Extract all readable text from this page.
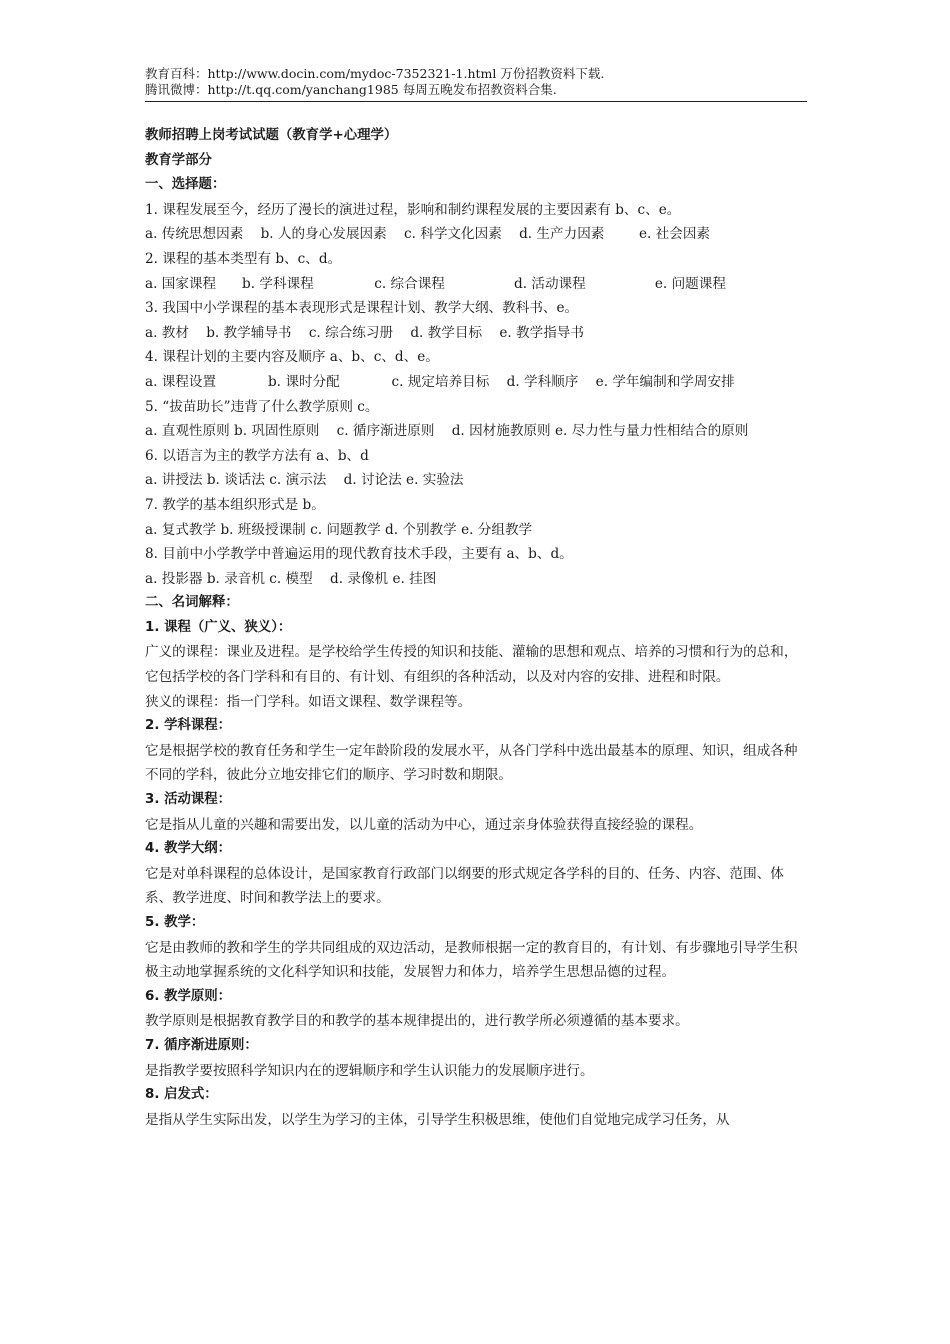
教育百科：http://www.docin.com/mydoc-7352321-1.html 万份招教资料下载.
腾讯微博：http://t.qq.com/yanchang1985 每周五晚发布招教资料合集.

教师招聘上岗考试试题（教育学+心理学）

教育学部分

一、选择题：

1. 课程发展至今，经历了漫长的演进过程，影响和制约课程发展的主要因素有 b、c、e。

a. 传统思想因素    b. 人的身心发展因素    c. 科学文化因素    d. 生产力因素        e. 社会因素

2. 课程的基本类型有 b、c、d。

a. 国家课程      b. 学科课程              c. 综合课程                d. 活动课程                e. 问题课程

3. 我国中小学课程的基本表现形式是课程计划、教学大纲、教科书、e。

a. 教材    b. 教学辅导书    c. 综合练习册    d. 教学目标    e. 教学指导书

4. 课程计划的主要内容及顺序 a、b、c、d、e。

a. 课程设置            b. 课时分配            c. 规定培养目标    d. 学科顺序    e. 学年编制和学周安排

5. “拔苗助长”违背了什么教学原则 c。

a. 直观性原则 b. 巩固性原则    c. 循序渐进原则    d. 因材施教原则 e. 尽力性与量力性相结合的原则

6. 以语言为主的教学方法有 a、b、d

a. 讲授法 b. 谈话法 c. 演示法    d. 讨论法 e. 实验法

7. 教学的基本组织形式是 b。

a. 复式教学 b. 班级授课制 c. 问题教学 d. 个别教学 e. 分组教学

8. 目前中小学教学中普遍运用的现代教育技术手段，主要有 a、b、d。

a. 投影器 b. 录音机 c. 模型    d. 录像机 e. 挂图

二、名词解释：

1. 课程（广义、狭义）：

广义的课程：课业及进程。是学校给学生传授的知识和技能、灌输的思想和观点、培养的习惯和行为的总和，它包括学校的各门学科和有目的、有计划、有组织的各种活动，以及对内容的安排、进程和时限。

狭义的课程：指一门学科。如语文课程、数学课程等。

2. 学科课程：

它是根据学校的教育任务和学生一定年龄阶段的发展水平，从各门学科中选出最基本的原理、知识，组成各种不同的学科，彼此分立地安排它们的顺序、学习时数和期限。

3. 活动课程：

它是指从儿童的兴趣和需要出发，以儿童的活动为中心，通过亲身体验获得直接经验的课程。

4. 教学大纲：

它是对单科课程的总体设计，是国家教育行政部门以纲要的形式规定各学科的目的、任务、内容、范围、体系、教学进度、时间和教学法上的要求。

5. 教学：

它是由教师的教和学生的学共同组成的双边活动，是教师根据一定的教育目的，有计划、有步骤地引导学生积极主动地掌握系统的文化科学知识和技能，发展智力和体力，培养学生思想品德的过程。

6. 教学原则：

教学原则是根据教育教学目的和教学的基本规律提出的，进行教学所必须遵循的基本要求。

7. 循序渐进原则：

是指教学要按照科学知识内在的逻辑顺序和学生认识能力的发展顺序进行。

8. 启发式：

是指从学生实际出发，以学生为学习的主体，引导学生积极思维，使他们自觉地完成学习任务，从
